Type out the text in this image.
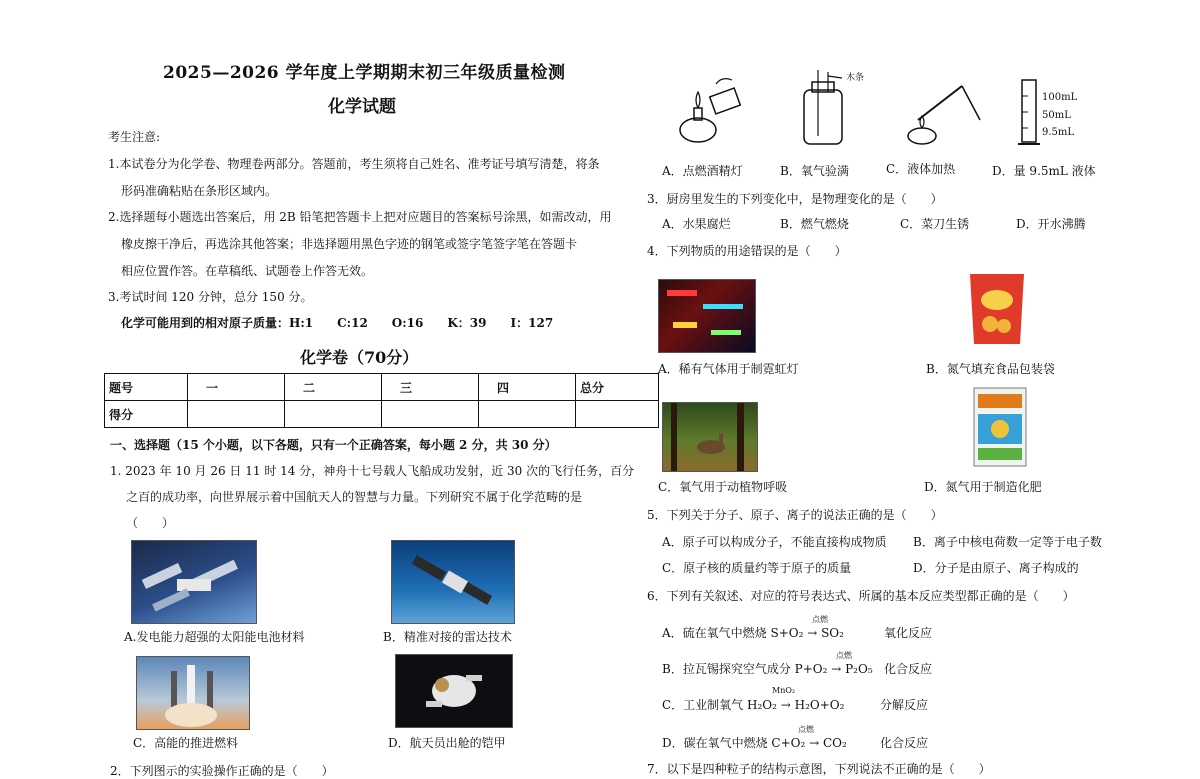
2025—2026 学年度上学期期末初三年级质量检测
化学试题
考生注意:
1.本试卷分为化学卷、物理卷两部分。答题前，考生须将自己姓名、准考证号填写清楚，将条
形码准确粘贴在条形区域内。
2.选择题每小题选出答案后，用 2B 铅笔把答题卡上把对应题目的答案标号涂黑，如需改动，用
橡皮擦干净后，再选涂其他答案；非选择题用黑色字迹的钢笔或签字笔签字笔在答题卡
相应位置作答。在草稿纸、试题卷上作答无效。
3.考试时间 120 分钟，总分 150 分。
化学可能用到的相对原子质量：H:1　　C:12　　O:16　　K：39　　I：127
化学卷（70分）
题号	一	二	三	四	总分
得分					
一、选择题（15 个小题，以下各题，只有一个正确答案，每小题 2 分，共 30 分）
1. 2023 年 10 月 26 日 11 时 14 分，神舟十七号载人飞船成功发射，近 30 次的飞行任务，百分
之百的成功率，向世界展示着中国航天人的智慧与力量。下列研究不属于化学范畴的是
（　　）
A.发电能力超强的太阳能电池材料	B．精准对接的雷达技术
C．高能的推进燃料	D．航天员出舱的铠甲
2．下列图示的实验操作正确的是（　　）
木条
100mL
50mL
9.5mL
A．点燃酒精灯	B．氧气验满	C．液体加热	D．量 9.5mL 液体
3．厨房里发生的下列变化中，是物理变化的是（　　）
A．水果腐烂	B．燃气燃烧	C．菜刀生锈	D．开水沸腾
4．下列物质的用途错误的是（　　）
A．稀有气体用于制霓虹灯	B．氮气填充食品包装袋
C．氧气用于动植物呼吸	D．氮气用于制造化肥
5．下列关于分子、原子、离子的说法正确的是（　　）
A．原子可以构成分子，不能直接构成物质 B．离子中核电荷数一定等于电子数
C．原子核的质量约等于原子的质量	D．分子是由原子、离子构成的
6．下列有关叙述、对应的符号表达式、所属的基本反应类型都正确的是（　　）
点燃
A．硫在氧气中燃烧 S+O₂ → SO₂	氧化反应
点燃
B．拉瓦锡探究空气成分 P+O₂ → P₂O₅ 化合反应
MnO₂
C．工业制氧气 H₂O₂ → H₂O+O₂	分解反应
点燃
D．碳在氧气中燃烧 C+O₂ → CO₂	化合反应
7．以下是四种粒子的结构示意图，下列说法不正确的是（　　）
